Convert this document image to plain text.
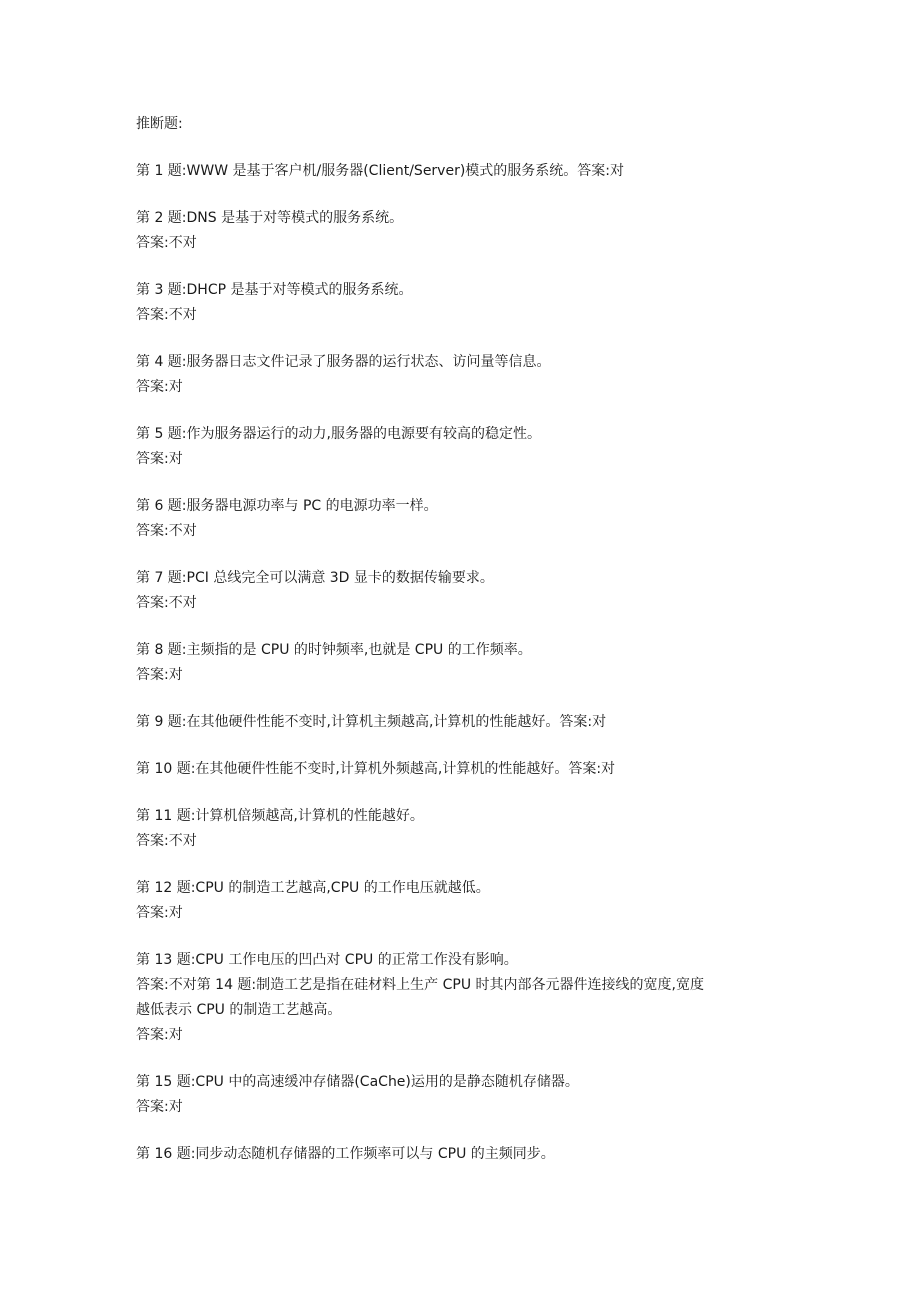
推断题:
第 1 题:WWW 是基于客户机/服务器(Client/Server)模式的服务系统。答案:对
第 2 题:DNS 是基于对等模式的服务系统。
答案:不对
第 3 题:DHCP 是基于对等模式的服务系统。
答案:不对
第 4 题:服务器日志文件记录了服务器的运行状态、访问量等信息。
答案:对
第 5 题:作为服务器运行的动力,服务器的电源要有较高的稳定性。
答案:对
第 6 题:服务器电源功率与 PC 的电源功率一样。
答案:不对
第 7 题:PCI 总线完全可以满意 3D 显卡的数据传输要求。
答案:不对
第 8 题:主频指的是 CPU 的时钟频率,也就是 CPU 的工作频率。
答案:对
第 9 题:在其他硬件性能不变时,计算机主频越高,计算机的性能越好。答案:对
第 10 题:在其他硬件性能不变时,计算机外频越高,计算机的性能越好。答案:对
第 11 题:计算机倍频越高,计算机的性能越好。
答案:不对
第 12 题:CPU 的制造工艺越高,CPU 的工作电压就越低。
答案:对
第 13 题:CPU 工作电压的凹凸对 CPU 的正常工作没有影响。
答案:不对第 14 题:制造工艺是指在硅材料上生产 CPU 时其内部各元器件连接线的宽度,宽度
越低表示 CPU 的制造工艺越高。
答案:对
第 15 题:CPU 中的高速缓冲存储器(CaChe)运用的是静态随机存储器。
答案:对
第 16 题:同步动态随机存储器的工作频率可以与 CPU 的主频同步。
